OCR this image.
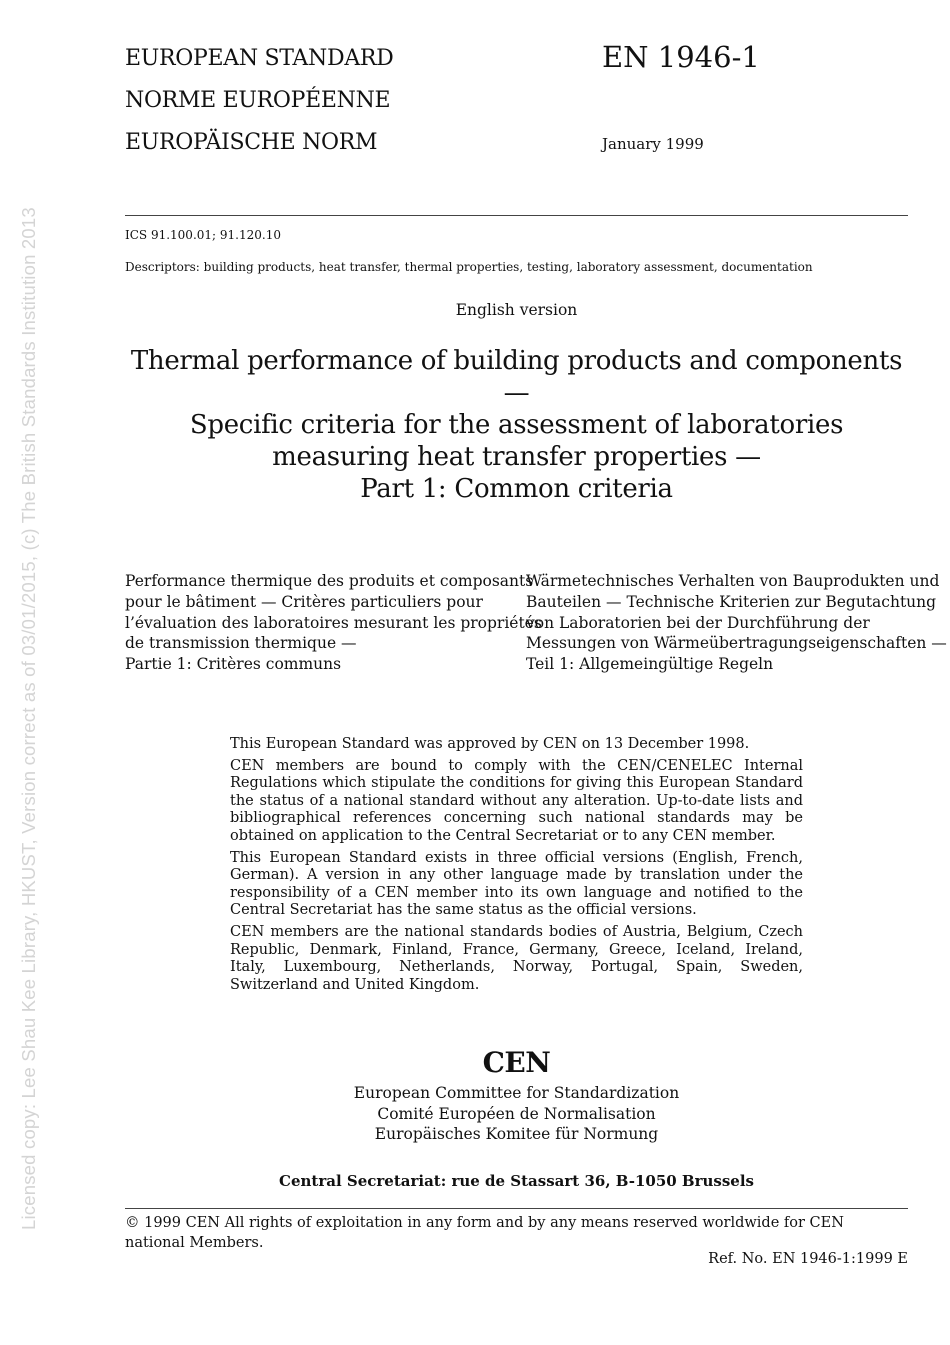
Licensed copy: Lee Shau Kee Library, HKUST, Version correct as of 03/01/2015, (c) The British Standards Institution 2013
EUROPEAN STANDARD
NORME EUROPÉENNE
EUROPÄISCHE NORM
EN 1946-1
January 1999
ICS 91.100.01; 91.120.10
Descriptors: building products, heat transfer, thermal properties, testing, laboratory assessment, documentation
English version
Thermal performance of building products and components —
Specific criteria for the assessment of laboratories
measuring heat transfer properties —
Part 1: Common criteria
Performance thermique des produits et composants
pour le bâtiment — Critères particuliers pour
l’évaluation des laboratoires mesurant les propriétés
de transmission thermique —
Partie 1: Critères communs
Wärmetechnisches Verhalten von Bauprodukten und
Bauteilen — Technische Kriterien zur Begutachtung
von Laboratorien bei der Durchführung der
Messungen von Wärmeübertragungseigenschaften —
Teil 1: Allgemeingültige Regeln

This European Standard was approved by CEN on 13 December 1998.

CEN members are bound to comply with the CEN/CENELEC Internal Regulations which stipulate the conditions for giving this European Standard the status of a national standard without any alteration. Up-to-date lists and bibliographical references concerning such national standards may be obtained on application to the Central Secretariat or to any CEN member.

This European Standard exists in three official versions (English, French, German). A version in any other language made by translation under the responsibility of a CEN member into its own language and notified to the Central Secretariat has the same status as the official versions.

CEN members are the national standards bodies of Austria, Belgium, Czech Republic, Denmark, Finland, France, Germany, Greece, Iceland, Ireland, Italy, Luxembourg, Netherlands, Norway, Portugal, Spain, Sweden, Switzerland and United Kingdom.

CEN
European Committee for Standardization
Comité Européen de Normalisation
Europäisches Komitee für Normung
Central Secretariat: rue de Stassart 36, B-1050 Brussels
© 1999 CEN All rights of exploitation in any form and by any means reserved worldwide for CEN national Members.
Ref. No. EN 1946-1:1999 E
